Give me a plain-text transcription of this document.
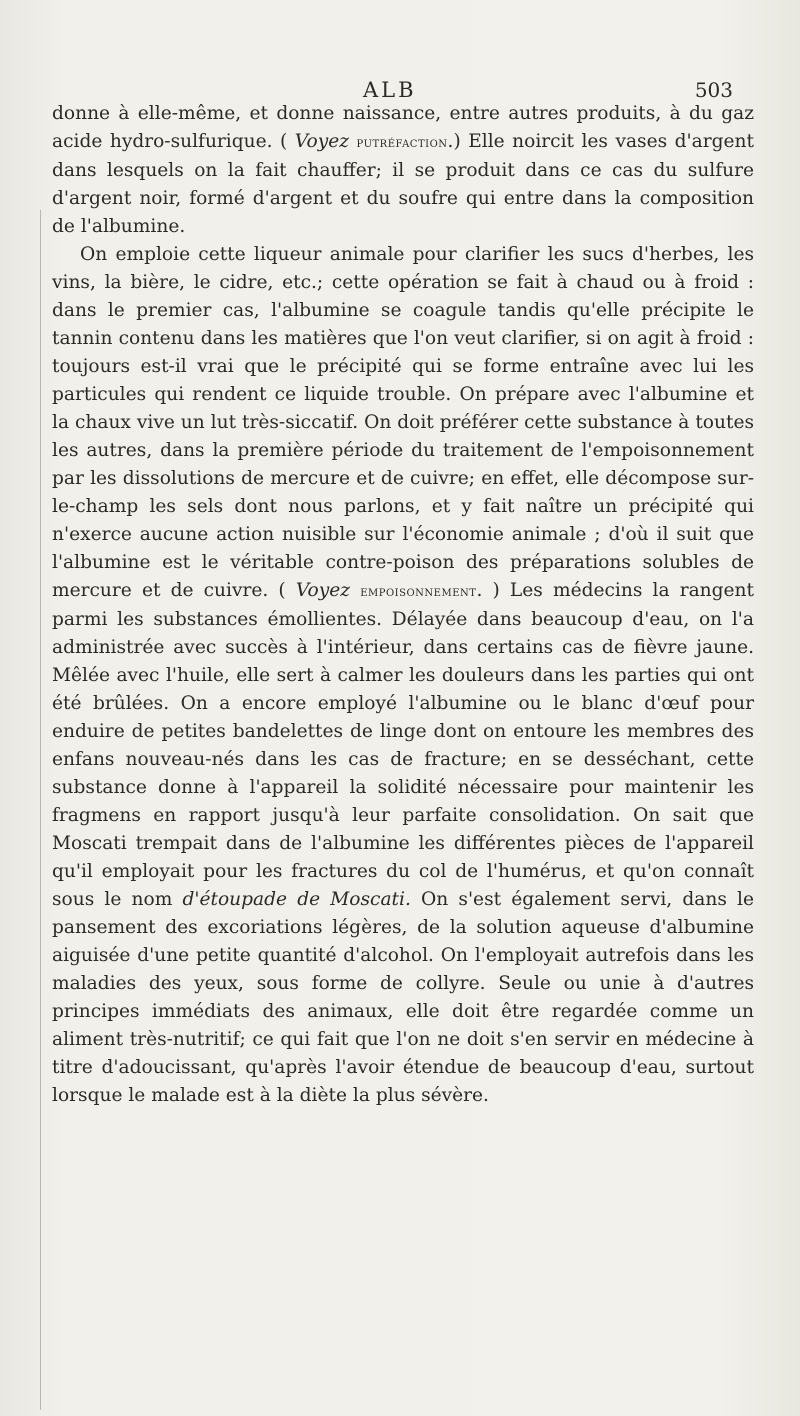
ALB	503

donne à elle-même, et donne naissance, entre autres produits, à du gaz acide hydro-sulfurique. ( Voyez putréfaction.) Elle noircit les vases d'argent dans lesquels on la fait chauffer; il se produit dans ce cas du sulfure d'argent noir, formé d'argent et du soufre qui entre dans la composition de l'albumine.

On emploie cette liqueur animale pour clarifier les sucs d'herbes, les vins, la bière, le cidre, etc.; cette opération se fait à chaud ou à froid : dans le premier cas, l'albumine se coagule tandis qu'elle précipite le tannin contenu dans les matières que l'on veut clarifier, si on agit à froid : toujours est-il vrai que le précipité qui se forme entraîne avec lui les particules qui rendent ce liquide trouble. On prépare avec l'albumine et la chaux vive un lut très-siccatif. On doit préférer cette substance à toutes les autres, dans la première période du traitement de l'empoisonnement par les dissolutions de mercure et de cuivre; en effet, elle décompose sur-le-champ les sels dont nous parlons, et y fait naître un précipité qui n'exerce aucune action nuisible sur l'économie animale ; d'où il suit que l'albumine est le véritable contre-poison des préparations solubles de mercure et de cuivre. ( Voyez empoisonnement. ) Les médecins la rangent parmi les substances émollientes. Délayée dans beaucoup d'eau, on l'a administrée avec succès à l'intérieur, dans certains cas de fièvre jaune. Mêlée avec l'huile, elle sert à calmer les douleurs dans les parties qui ont été brûlées. On a encore employé l'albumine ou le blanc d'œuf pour enduire de petites bandelettes de linge dont on entoure les membres des enfans nouveau-nés dans les cas de fracture; en se desséchant, cette substance donne à l'appareil la solidité nécessaire pour maintenir les fragmens en rapport jusqu'à leur parfaite consolidation. On sait que Moscati trempait dans de l'albumine les différentes pièces de l'appareil qu'il employait pour les fractures du col de l'humérus, et qu'on connaît sous le nom d'étoupade de Moscati. On s'est également servi, dans le pansement des excoriations légères, de la solution aqueuse d'albumine aiguisée d'une petite quantité d'alcohol. On l'employait autrefois dans les maladies des yeux, sous forme de collyre. Seule ou unie à d'autres principes immédiats des animaux, elle doit être regardée comme un aliment très-nutritif; ce qui fait que l'on ne doit s'en servir en médecine à titre d'adoucissant, qu'après l'avoir étendue de beaucoup d'eau, surtout lorsque le malade est à la diète la plus sévère.
